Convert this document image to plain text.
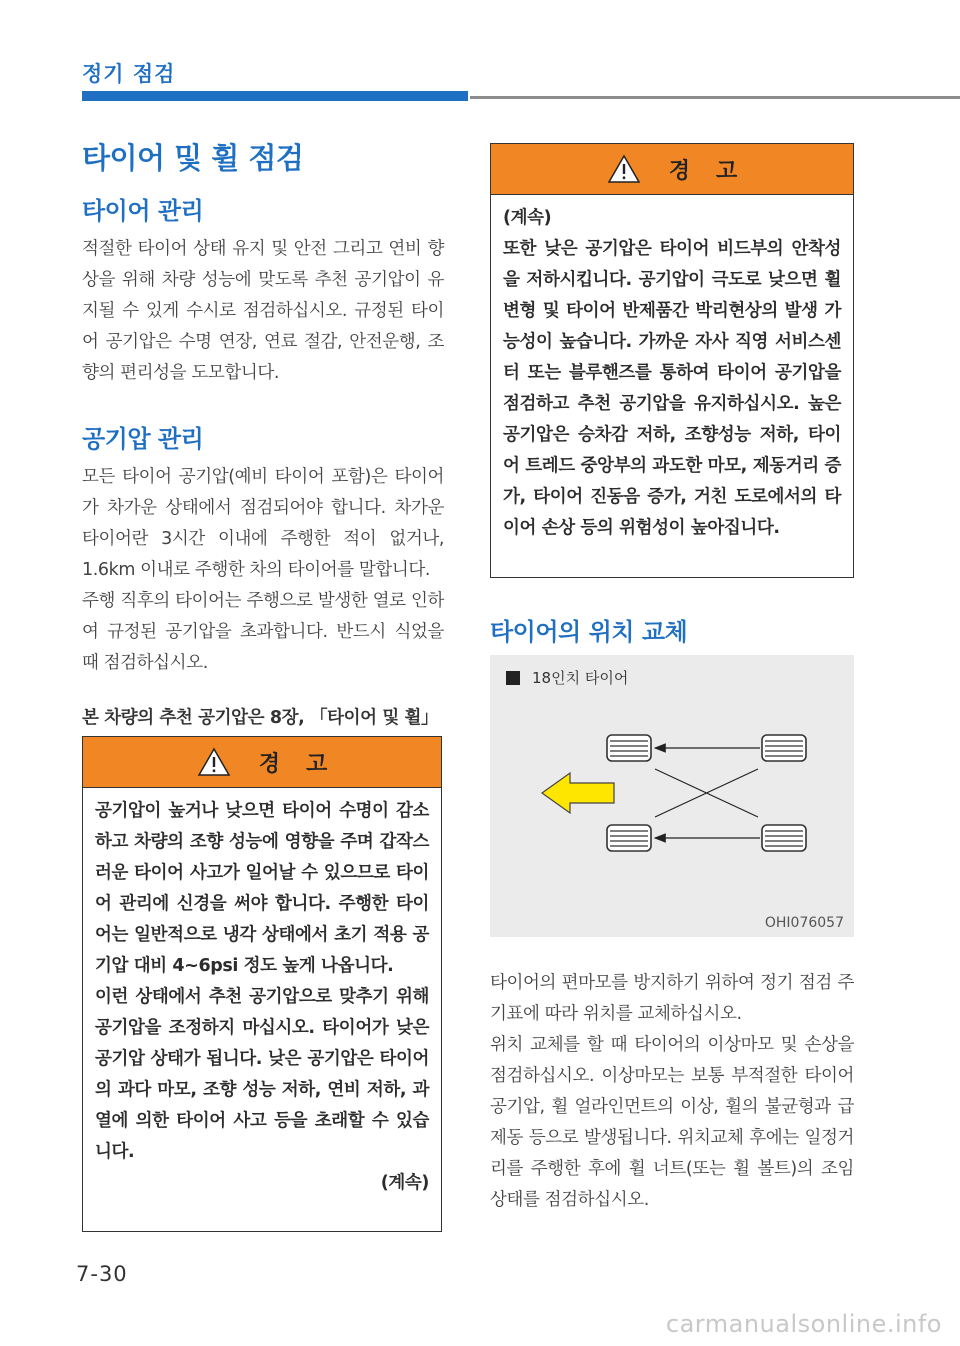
정기 점검
타이어 및 휠 점검
타이어 관리

적절한 타이어 상태 유지 및 안전 그리고 연비 향상을 위해 차량 성능에 맞도록 추천 공기압이 유지될 수 있게 수시로 점검하십시오. 규정된 타이어 공기압은 수명 연장, 연료 절감, 안전운행, 조향의 편리성을 도모합니다.

공기압 관리

모든 타이어 공기압(예비 타이어 포함)은 타이어가 차가운 상태에서 점검되어야 합니다. 차가운 타이어란 3시간 이내에 주행한 적이 없거나, 1.6km 이내로 주행한 차의 타이어를 말합니다.

주행 직후의 타이어는 주행으로 발생한 열로 인하여 규정된 공기압을 초과합니다. 반드시 식었을 때 점검하십시오.

본 차량의 추천 공기압은 8장, 「타이어 및 휠」

경고

공기압이 높거나 낮으면 타이어 수명이 감소하고 차량의 조향 성능에 영향을 주며 갑작스러운 타이어 사고가 일어날 수 있으므로 타이어 관리에 신경을 써야 합니다. 주행한 타이어는 일반적으로 냉각 상태에서 초기 적용 공기압 대비 4~6psi 정도 높게 나옵니다.

이런 상태에서 추천 공기압으로 맞추기 위해 공기압을 조정하지 마십시오. 타이어가 낮은 공기압 상태가 됩니다. 낮은 공기압은 타이어의 과다 마모, 조향 성능 저하, 연비 저하, 과열에 의한 타이어 사고 등을 초래할 수 있습니다.

(계속)

경고

(계속)

또한 낮은 공기압은 타이어 비드부의 안착성을 저하시킵니다. 공기압이 극도로 낮으면 휠 변형 및 타이어 반제품간 박리현상의 발생 가능성이 높습니다. 가까운 자사 직영 서비스센터 또는 블루핸즈를 통하여 타이어 공기압을 점검하고 추천 공기압을 유지하십시오. 높은 공기압은 승차감 저하, 조향성능 저하, 타이어 트레드 중앙부의 과도한 마모, 제동거리 증가, 타이어 진동음 증가, 거친 도로에서의 타이어 손상 등의 위험성이 높아집니다.

타이어의 위치 교체
18인치 타이어
OHI076057

타이어의 편마모를 방지하기 위하여 정기 점검 주기표에 따라 위치를 교체하십시오.

위치 교체를 할 때 타이어의 이상마모 및 손상을 점검하십시오. 이상마모는 보통 부적절한 타이어 공기압, 휠 얼라인먼트의 이상, 휠의 불균형과 급제동 등으로 발생됩니다. 위치교체 후에는 일정거리를 주행한 후에 휠 너트(또는 휠 볼트)의 조임 상태를 점검하십시오.

7-30
carmanualsonline.info
